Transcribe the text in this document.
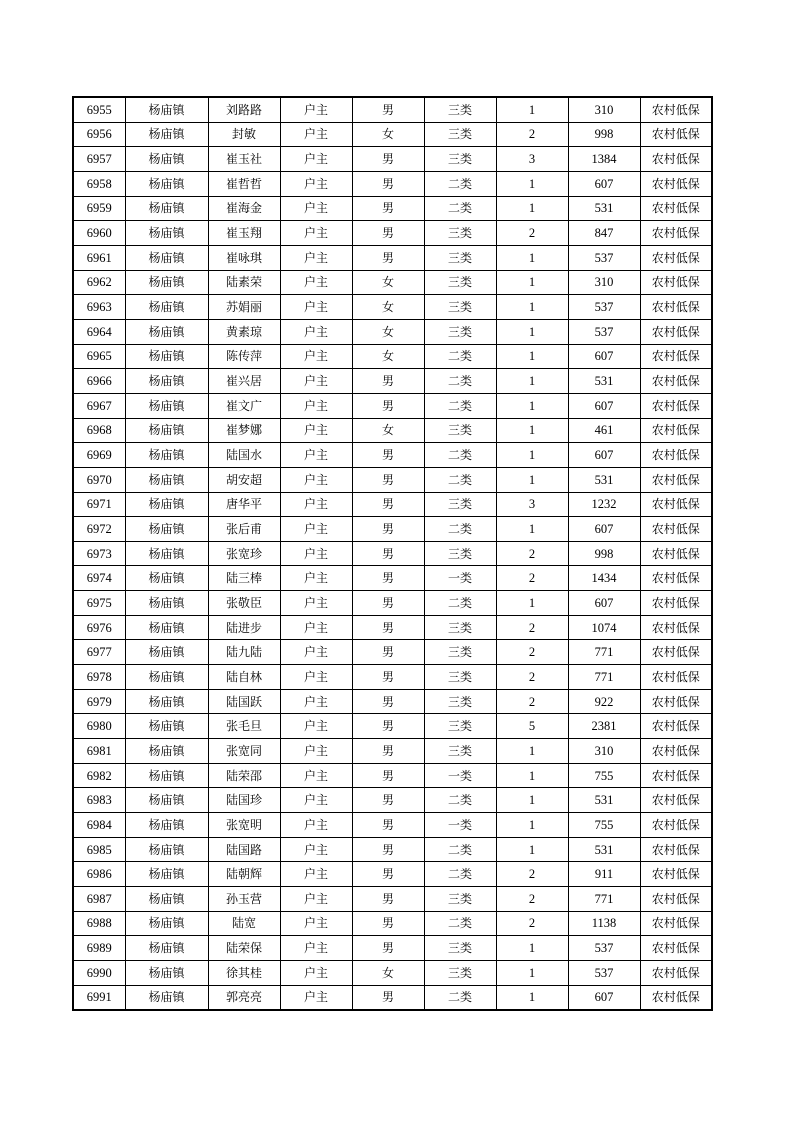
6955	杨庙镇	刘路路	户主	男	三类	1	310	农村低保
6956	杨庙镇	封敏	户主	女	三类	2	998	农村低保
6957	杨庙镇	崔玉社	户主	男	三类	3	1384	农村低保
6958	杨庙镇	崔哲哲	户主	男	二类	1	607	农村低保
6959	杨庙镇	崔海金	户主	男	二类	1	531	农村低保
6960	杨庙镇	崔玉翔	户主	男	三类	2	847	农村低保
6961	杨庙镇	崔咏琪	户主	男	三类	1	537	农村低保
6962	杨庙镇	陆素荣	户主	女	三类	1	310	农村低保
6963	杨庙镇	苏娟丽	户主	女	三类	1	537	农村低保
6964	杨庙镇	黄素琼	户主	女	三类	1	537	农村低保
6965	杨庙镇	陈传萍	户主	女	二类	1	607	农村低保
6966	杨庙镇	崔兴居	户主	男	二类	1	531	农村低保
6967	杨庙镇	崔文广	户主	男	二类	1	607	农村低保
6968	杨庙镇	崔梦娜	户主	女	三类	1	461	农村低保
6969	杨庙镇	陆国水	户主	男	二类	1	607	农村低保
6970	杨庙镇	胡安超	户主	男	二类	1	531	农村低保
6971	杨庙镇	唐华平	户主	男	三类	3	1232	农村低保
6972	杨庙镇	张后甫	户主	男	二类	1	607	农村低保
6973	杨庙镇	张宽珍	户主	男	三类	2	998	农村低保
6974	杨庙镇	陆三棒	户主	男	一类	2	1434	农村低保
6975	杨庙镇	张敬臣	户主	男	二类	1	607	农村低保
6976	杨庙镇	陆进步	户主	男	三类	2	1074	农村低保
6977	杨庙镇	陆九陆	户主	男	三类	2	771	农村低保
6978	杨庙镇	陆自林	户主	男	三类	2	771	农村低保
6979	杨庙镇	陆国跃	户主	男	三类	2	922	农村低保
6980	杨庙镇	张毛旦	户主	男	三类	5	2381	农村低保
6981	杨庙镇	张宽同	户主	男	三类	1	310	农村低保
6982	杨庙镇	陆荣邵	户主	男	一类	1	755	农村低保
6983	杨庙镇	陆国珍	户主	男	二类	1	531	农村低保
6984	杨庙镇	张宽明	户主	男	一类	1	755	农村低保
6985	杨庙镇	陆国路	户主	男	二类	1	531	农村低保
6986	杨庙镇	陆朝辉	户主	男	二类	2	911	农村低保
6987	杨庙镇	孙玉营	户主	男	三类	2	771	农村低保
6988	杨庙镇	陆宽	户主	男	二类	2	1138	农村低保
6989	杨庙镇	陆荣保	户主	男	三类	1	537	农村低保
6990	杨庙镇	徐其桂	户主	女	三类	1	537	农村低保
6991	杨庙镇	郭亮亮	户主	男	二类	1	607	农村低保
